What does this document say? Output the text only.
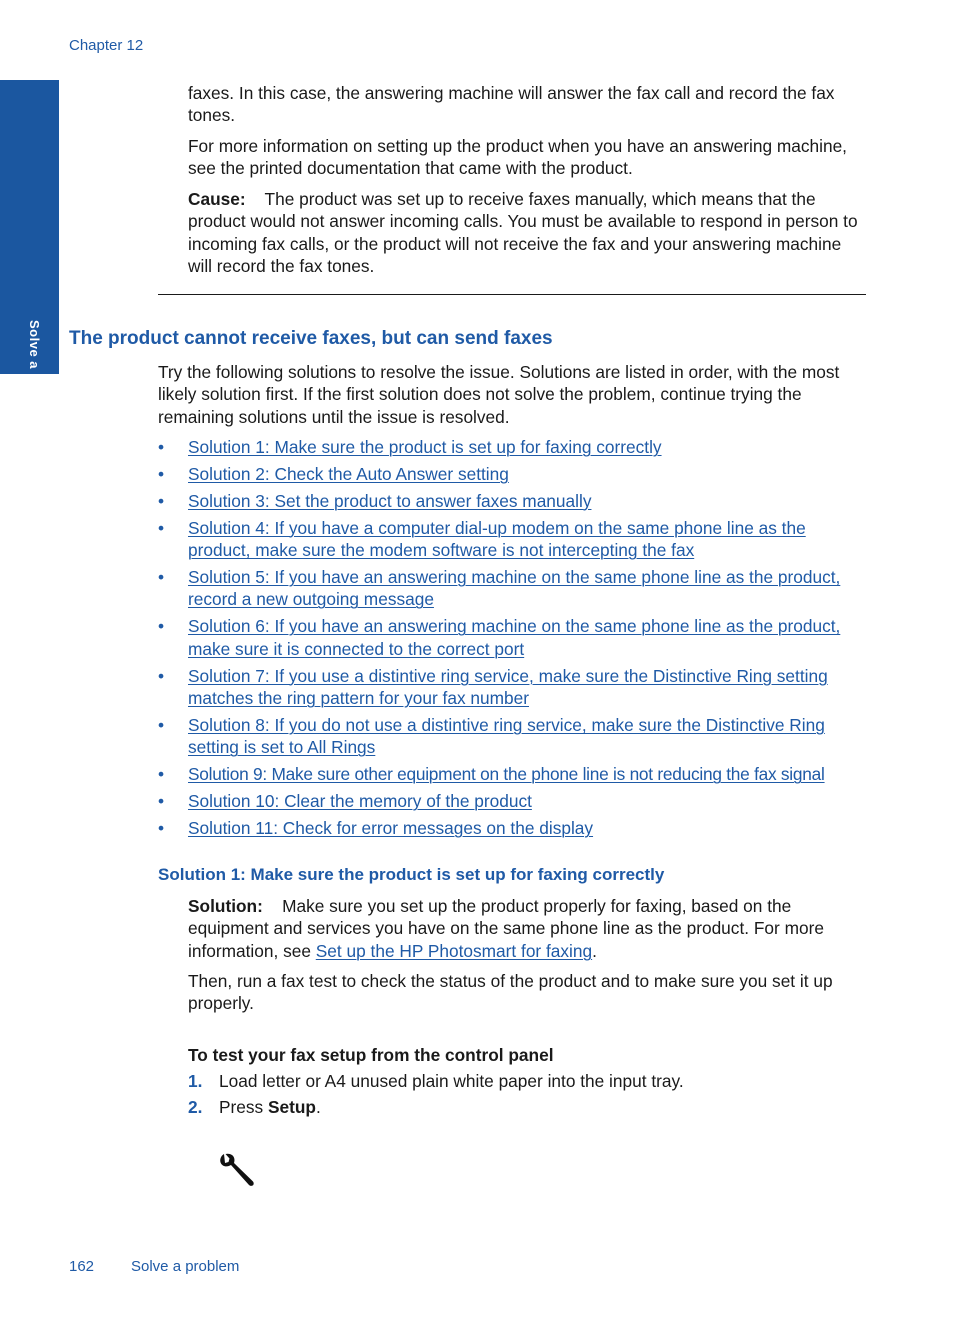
Chapter 12
Solve a problem

faxes. In this case, the answering machine will answer the fax call and record the fax tones.

For more information on setting up the product when you have an answering machine, see the printed documentation that came with the product.

Cause: The product was set up to receive faxes manually, which means that the product would not answer incoming calls. You must be available to respond in person to incoming fax calls, or the product will not receive the fax and your answering machine will record the fax tones.

The product cannot receive faxes, but can send faxes

Try the following solutions to resolve the issue. Solutions are listed in order, with the most likely solution first. If the first solution does not solve the problem, continue trying the remaining solutions until the issue is resolved.

• Solution 1: Make sure the product is set up for faxing correctly
• Solution 2: Check the Auto Answer setting
• Solution 3: Set the product to answer faxes manually
• Solution 4: If you have a computer dial-up modem on the same phone line as the product, make sure the modem software is not intercepting the fax
• Solution 5: If you have an answering machine on the same phone line as the product, record a new outgoing message
• Solution 6: If you have an answering machine on the same phone line as the product, make sure it is connected to the correct port
• Solution 7: If you use a distintive ring service, make sure the Distinctive Ring setting matches the ring pattern for your fax number
• Solution 8: If you do not use a distintive ring service, make sure the Distinctive Ring setting is set to All Rings
• Solution 9: Make sure other equipment on the phone line is not reducing the fax signal
• Solution 10: Clear the memory of the product
• Solution 11: Check for error messages on the display
Solution 1: Make sure the product is set up for faxing correctly

Solution: Make sure you set up the product properly for faxing, based on the equipment and services you have on the same phone line as the product. For more information, see Set up the HP Photosmart for faxing.

Then, run a fax test to check the status of the product and to make sure you set it up properly.

To test your fax setup from the control panel

1. Load letter or A4 unused plain white paper into the input tray.

2. Press Setup.

162 Solve a problem
